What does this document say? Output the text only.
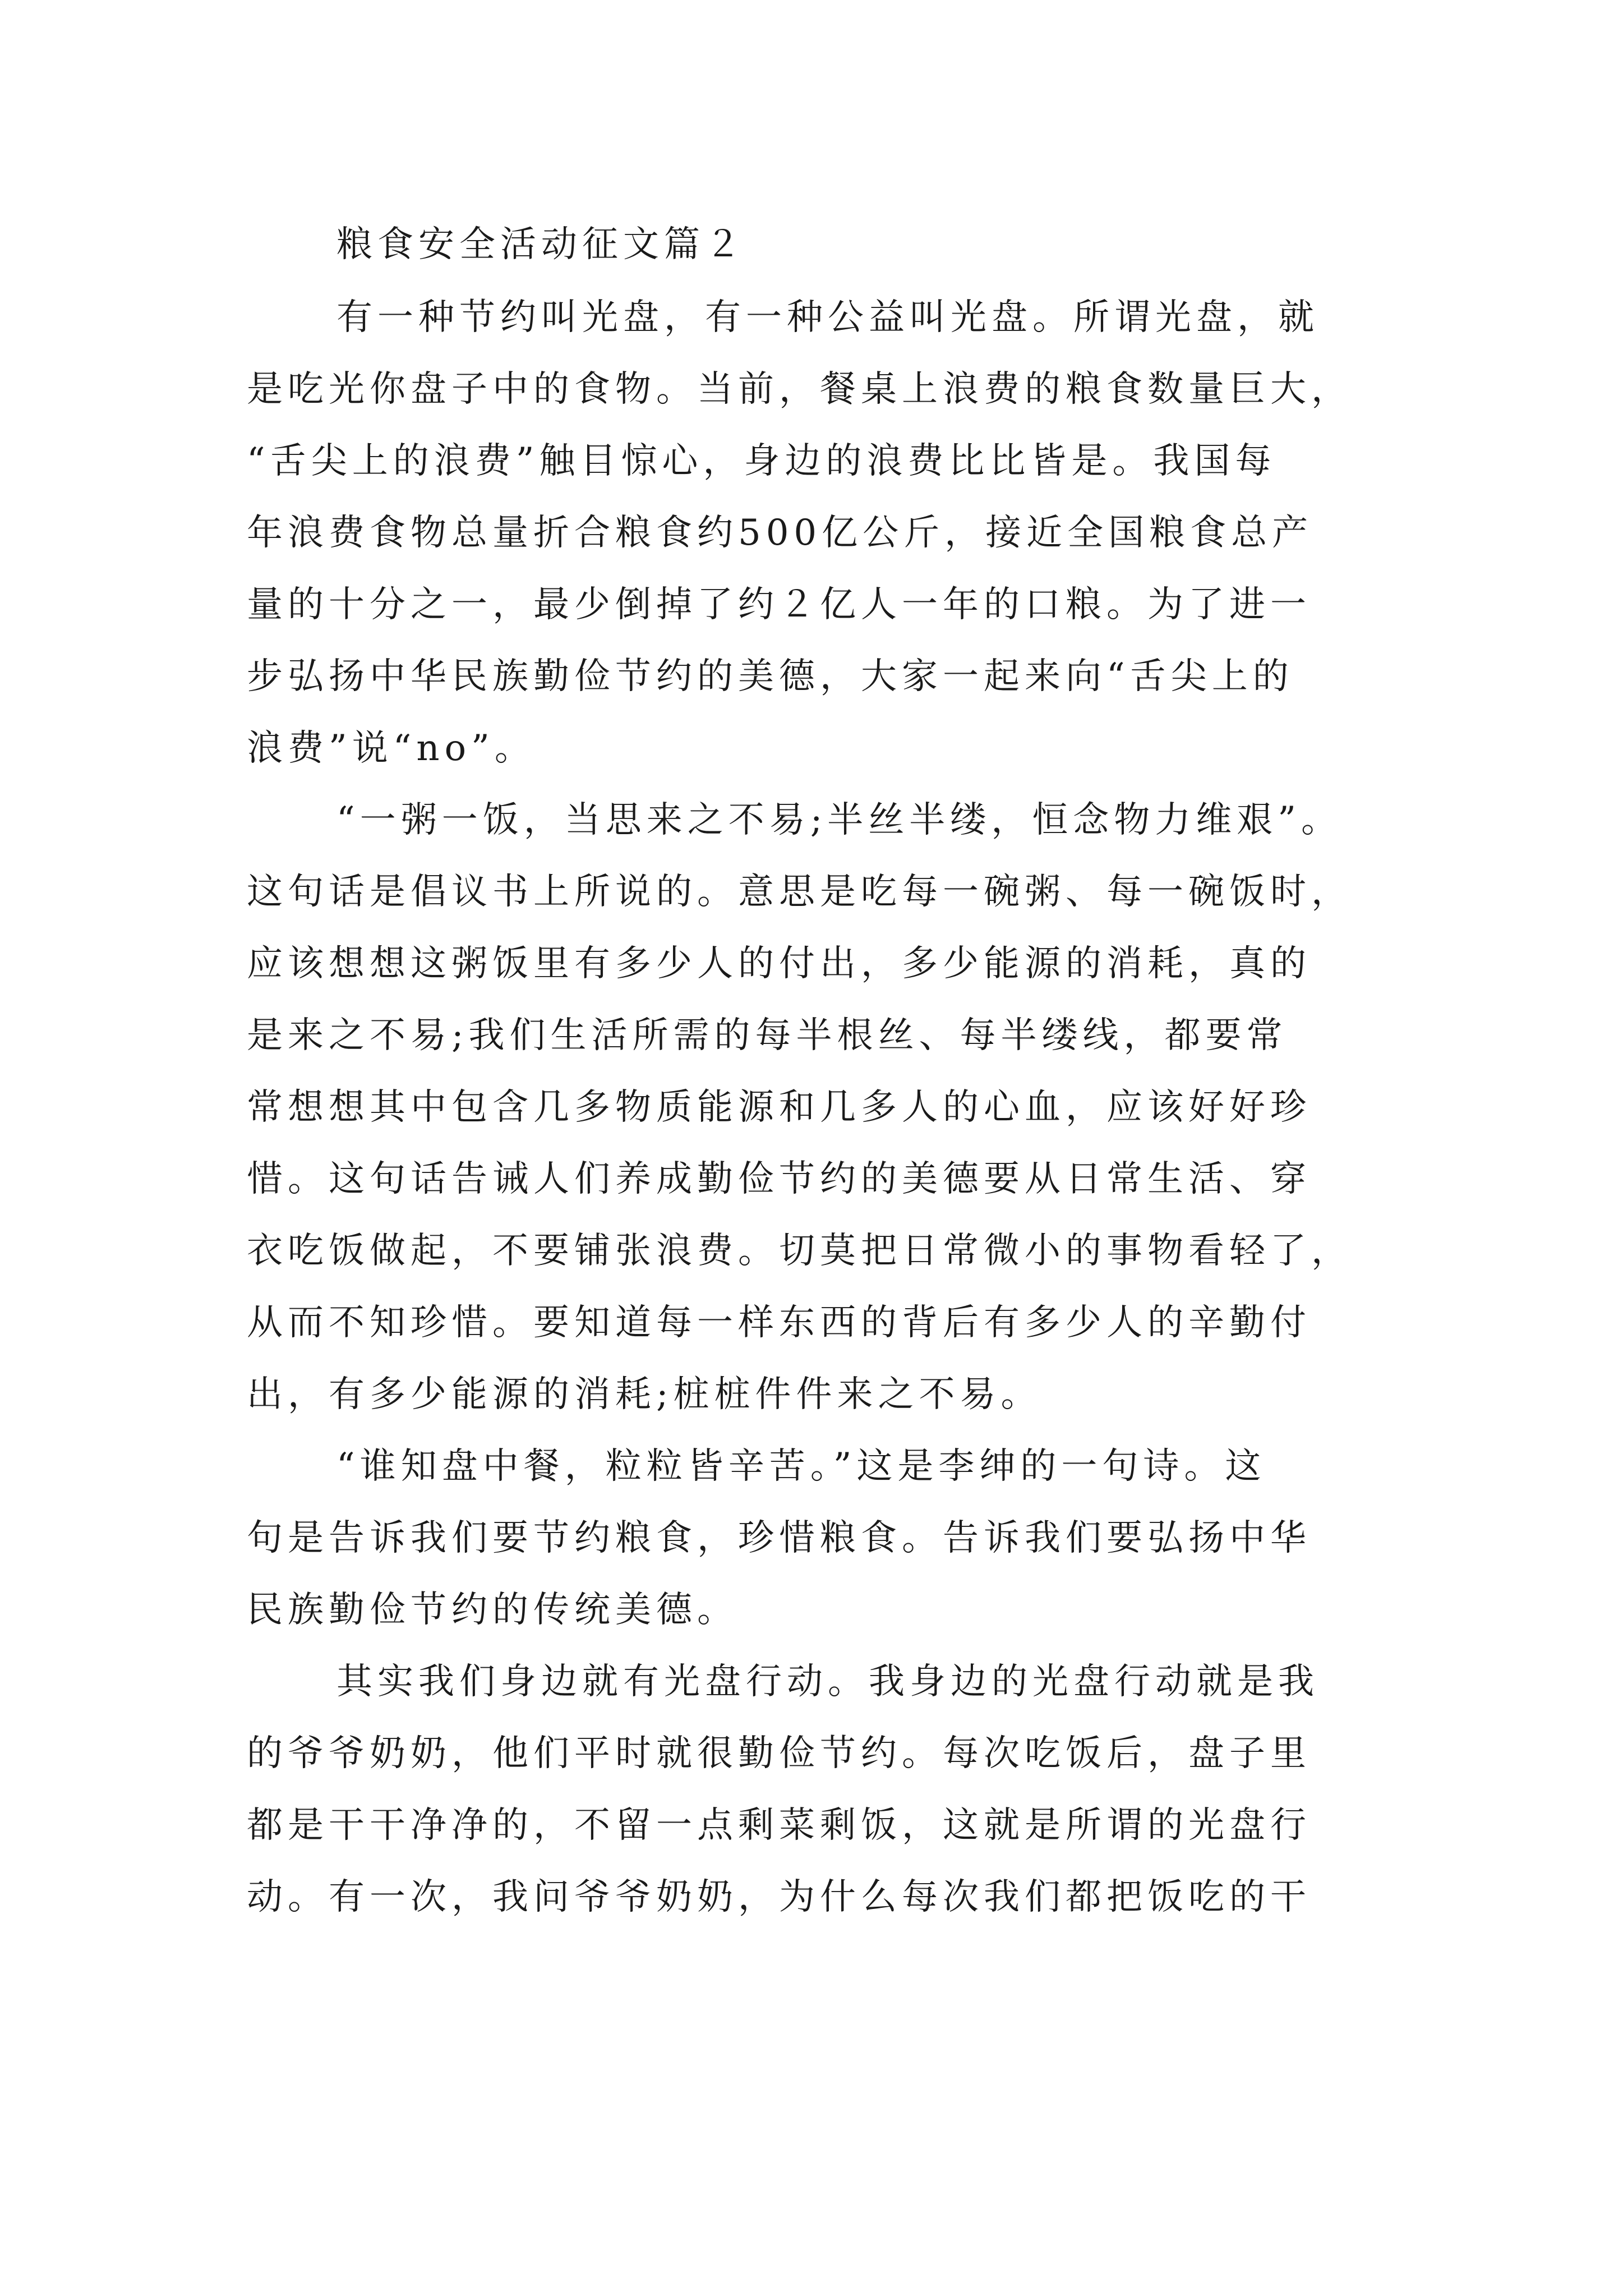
粮食安全活动征文篇２
有一种节约叫光盘，有一种公益叫光盘。所谓光盘，就
是吃光你盘子中的食物。当前，餐桌上浪费的粮食数量巨大，
“舌尖上的浪费”触目惊心，身边的浪费比比皆是。我国每
年浪费食物总量折合粮食约500亿公斤，接近全国粮食总产
量的十分之一，最少倒掉了约２亿人一年的口粮。为了进一
步弘扬中华民族勤俭节约的美德，大家一起来向“舌尖上的
浪费”说“no”。
“一粥一饭，当思来之不易;半丝半缕，恒念物力维艰”。
这句话是倡议书上所说的。意思是吃每一碗粥、每一碗饭时，
应该想想这粥饭里有多少人的付出，多少能源的消耗，真的
是来之不易;我们生活所需的每半根丝、每半缕线，都要常
常想想其中包含几多物质能源和几多人的心血，应该好好珍
惜。这句话告诫人们养成勤俭节约的美德要从日常生活、穿
衣吃饭做起，不要铺张浪费。切莫把日常微小的事物看轻了，
从而不知珍惜。要知道每一样东西的背后有多少人的辛勤付
出，有多少能源的消耗;桩桩件件来之不易。
“谁知盘中餐，粒粒皆辛苦。”这是李绅的一句诗。这
句是告诉我们要节约粮食，珍惜粮食。告诉我们要弘扬中华
民族勤俭节约的传统美德。
其实我们身边就有光盘行动。我身边的光盘行动就是我
的爷爷奶奶，他们平时就很勤俭节约。每次吃饭后，盘子里
都是干干净净的，不留一点剩菜剩饭，这就是所谓的光盘行
动。有一次，我问爷爷奶奶，为什么每次我们都把饭吃的干
